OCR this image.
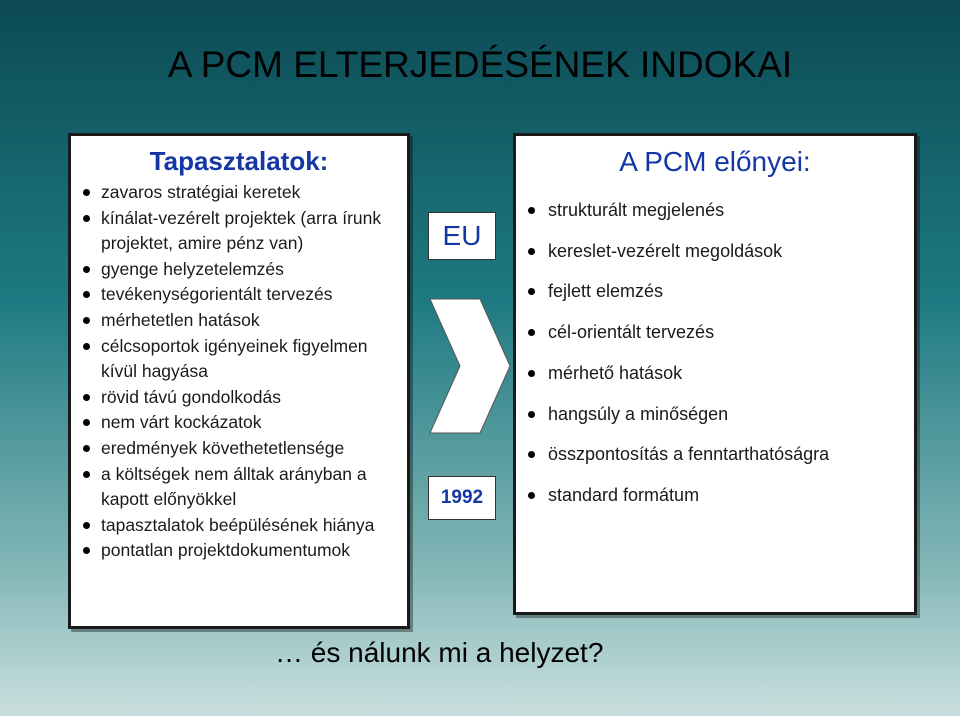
A PCM ELTERJEDÉSÉNEK INDOKAI
Tapasztalatok:
zavaros stratégiai keretek
kínálat-vezérelt projektek (arra írunk projektet, amire pénz van)
gyenge helyzetelemzés
tevékenységorientált tervezés
mérhetetlen hatások
célcsoportok igényeinek figyelmen kívül hagyása
rövid távú gondolkodás
nem várt kockázatok
eredmények követhetetlensége
a költségek nem álltak arányban a kapott előnyökkel
tapasztalatok beépülésének hiánya
pontatlan projektdokumentumok
EU
1992
A PCM előnyei:
strukturált megjelenés
kereslet-vezérelt megoldások
fejlett elemzés
cél-orientált tervezés
mérhető hatások
hangsúly a minőségen
összpontosítás a fenntarthatóságra
standard formátum
… és nálunk mi a helyzet?
